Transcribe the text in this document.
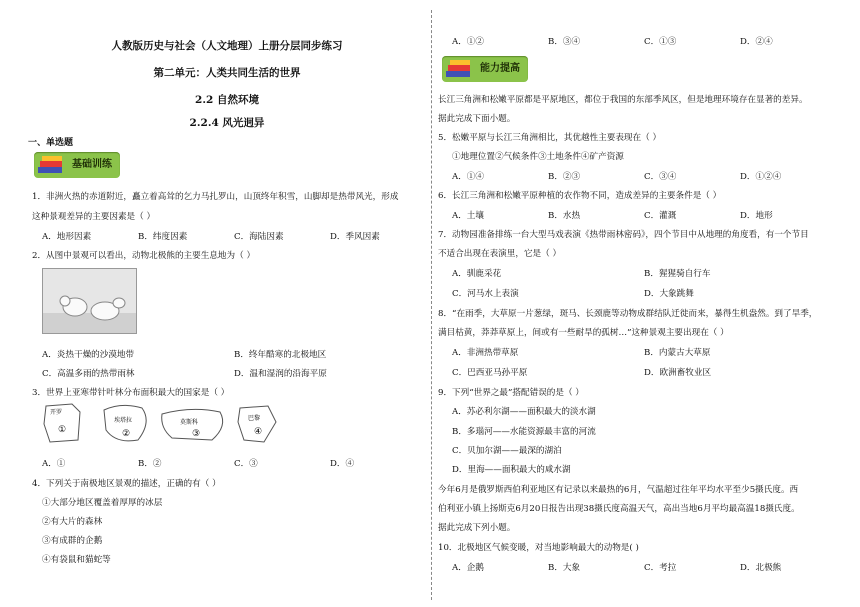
人教版历史与社会（人文地理）上册分层同步练习
第二单元：人类共同生活的世界
2.2 自然环境
2.2.4 风光迥异
一、单选题
基础训练
1．非洲火热的赤道附近，矗立着高耸的乞力马扎罗山，山顶终年积雪，山脚却是热带风光，形成
这种景观差异的主要因素是（ ）
A．地形因素	B．纬度因素	C．海陆因素	D．季风因素
2．从图中景观可以看出，动物北极熊的主要生息地为（ ）
A．炎热干燥的沙漠地带	B．终年酷寒的北极地区
C．高温多雨的热带雨林	D．温和湿润的沿海平原
3．世界上亚寒带针叶林分布面积最大的国家是（ ）
开罗
①
埃塔拉
②
莫斯科
③
巴黎
④
A．①	B．②	C．③	D．④
4．下列关于南极地区景观的描述，正确的有（ ）
①大部分地区覆盖着厚厚的冰层
②有大片的森林
③有成群的企鹅
④有袋鼠和猫蛇等
A．①②	B．③④	C．①③	D．②④
能力提高
长江三角洲和松嫩平原都是平原地区，都位于我国的东部季风区，但是地理环境存在显著的差异。
据此完成下面小题。
5．松嫩平原与长江三角洲相比，其优越性主要表现在（ ）
①地理位置②气候条件③土地条件④矿产资源
A．①④	B．②③	C．③④	D．①②④
6．长江三角洲和松嫩平原种植的农作物不同，造成差异的主要条件是（ ）
A．土壤	B．水热	C．灌溉	D．地形
7．动物园准备排练一台大型马戏表演《热带雨林密码》，四个节目中从地理的角度看，有一个节目
不适合出现在表演里，它是（ ）
A．驯鹿采花	B．猩猩骑自行车
C．河马水上表演	D．大象跳舞
8．“在雨季，大草原一片葱绿，斑马、长颈鹿等动物成群结队迁徙而来，暴得生机盎然。到了旱季，
满目枯黄，莽莽草原上，间或有一些耐旱的孤树…”这种景观主要出现在（ ）
A．非洲热带草原	B．内蒙古大草原
C．巴西亚马孙平原	D．欧洲畜牧业区
9．下列“世界之最”搭配错误的是（ ）
A．苏必利尔湖——面积最大的淡水湖
B．多瑙河——水能资源最丰富的河流
C．贝加尔湖——最深的湖泊
D．里海——面积最大的咸水湖
今年6月是俄罗斯西伯利亚地区有记录以来最热的6月，气温超过往年平均水平至少5摄氏度。西
伯利亚小镇上扬斯克6月20日报告出现38摄氏度高温天气，高出当地6月平均最高温18摄氏度。
据此完成下列小题。
10．北极地区气候变暖，对当地影响最大的动物是( )
A．企鹅	B．大象	C．考拉	D．北极熊
